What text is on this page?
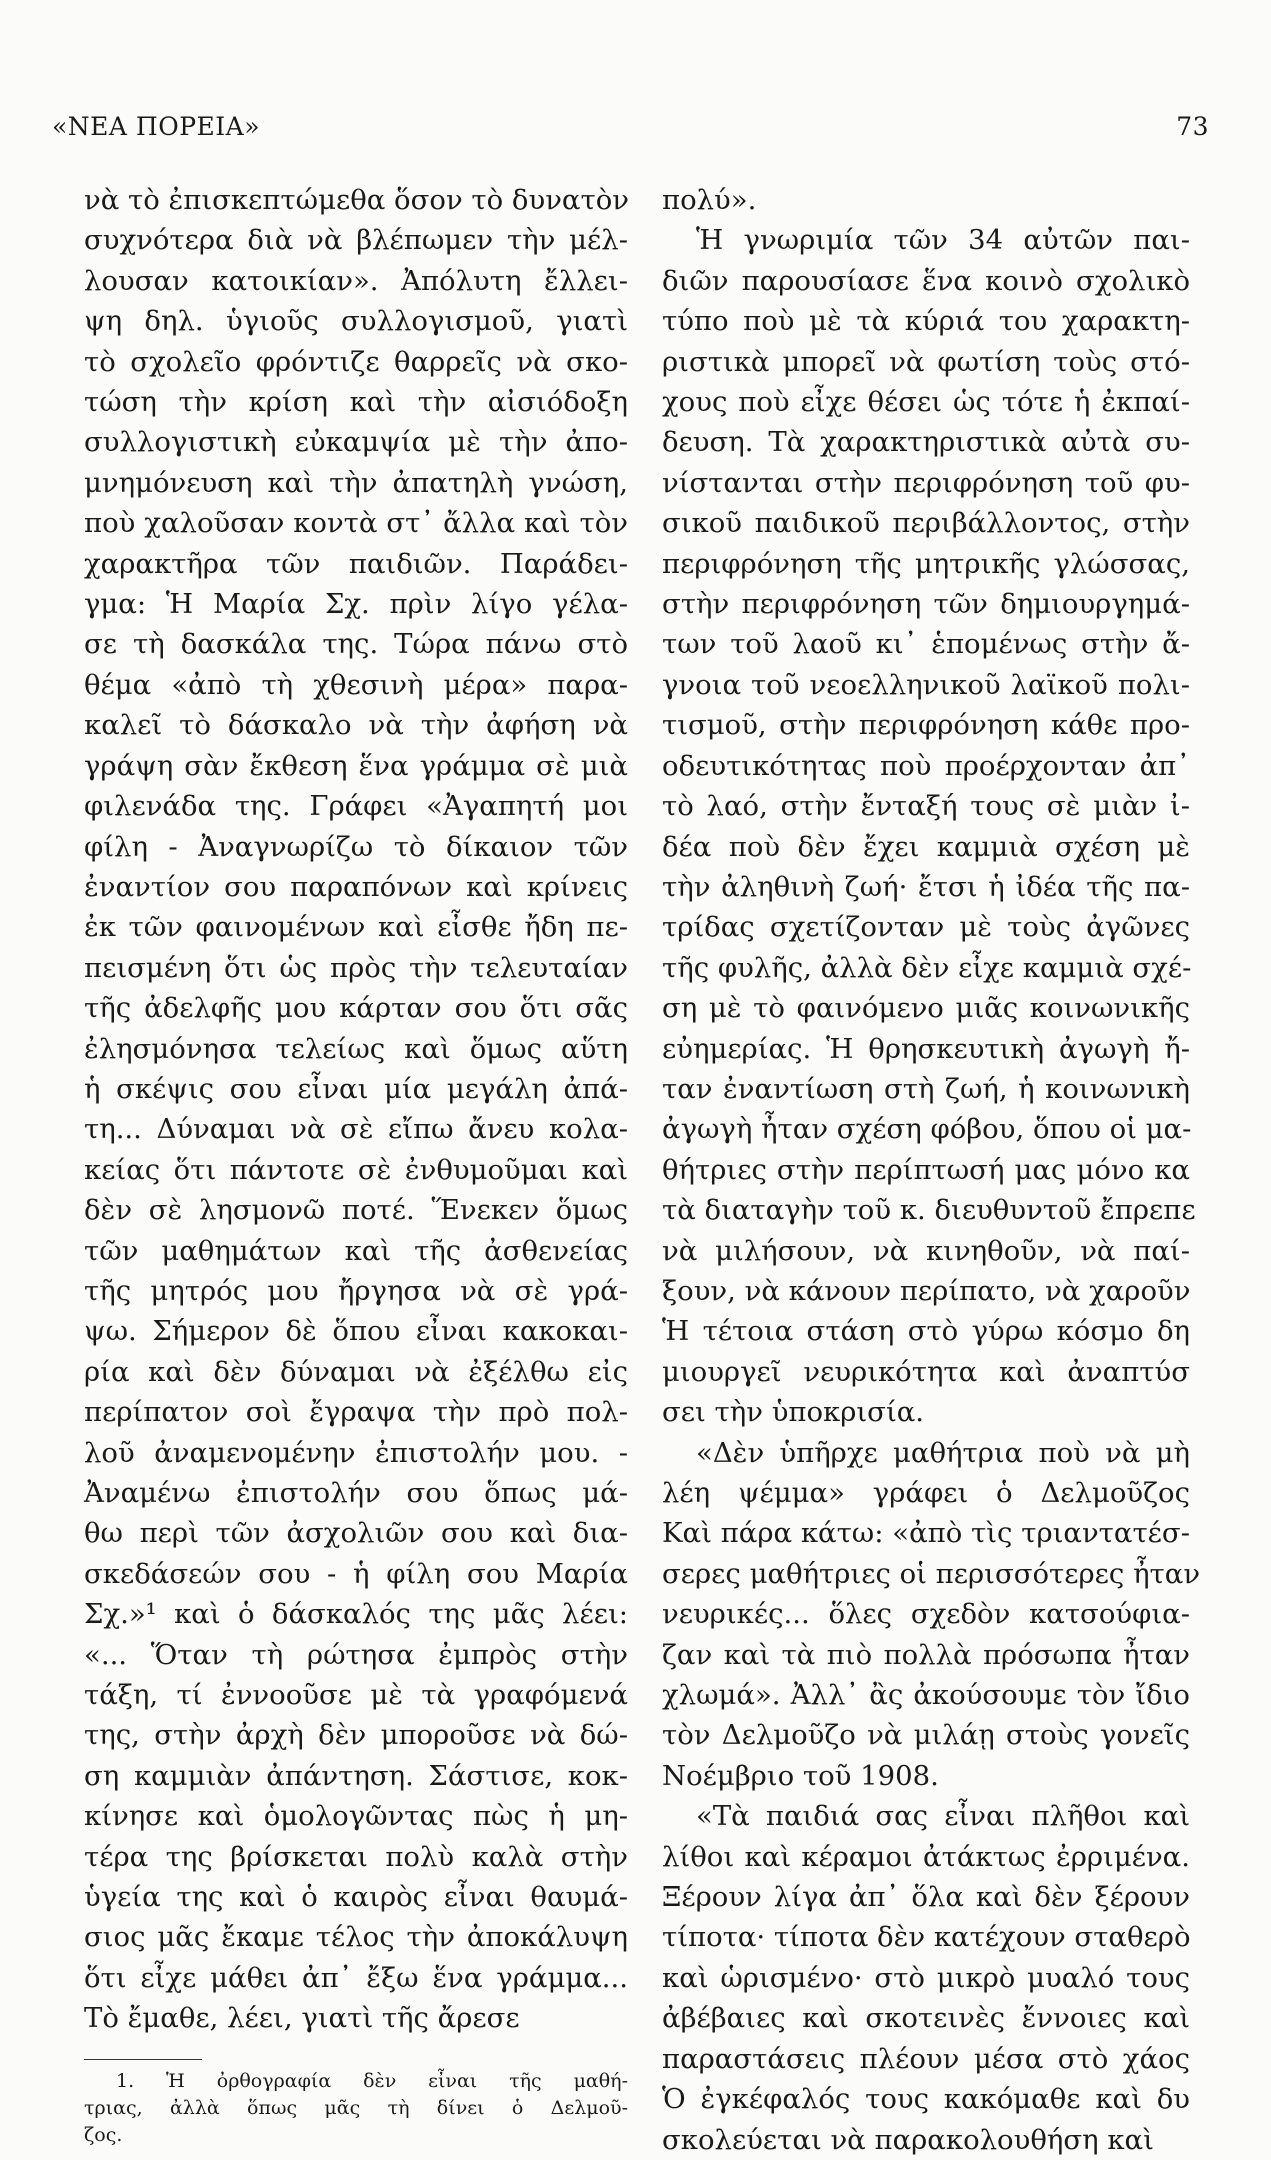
«ΝΕΑ ΠΟΡΕΙΑ»	73

νὰ τὸ ἐπισκεπτώμεθα ὅσον τὸ δυνατὸν

συχνότερα διὰ νὰ βλέπωμεν τὴν μέλ-

λουσαν κατοικίαν». Ἀπόλυτη ἔλλει-

ψη δηλ. ὑγιοῦς συλλογισμοῦ, γιατὶ

τὸ σχολεῖο φρόντιζε θαρρεῖς νὰ σκο-

τώση τὴν κρίση καὶ τὴν αἰσιόδοξη

συλλογιστικὴ εὐκαμψία μὲ τὴν ἀπο-

μνημόνευση καὶ τὴν ἀπατηλὴ γνώση,

ποὺ χαλοῦσαν κοντὰ στ᾿ ἄλλα καὶ τὸν

χαρακτῆρα τῶν παιδιῶν. Παράδει-

γμα: Ἡ Μαρία Σχ. πρὶν λίγο γέλα-

σε τὴ δασκάλα της. Τώρα πάνω στὸ

θέμα «ἀπὸ τὴ χθεσινὴ μέρα» παρα-

καλεῖ τὸ δάσκαλο νὰ τὴν ἀφήση νὰ

γράψη σὰν ἔκθεση ἕνα γράμμα σὲ μιὰ

φιλενάδα της. Γράφει «Ἀγαπητή μοι

φίλη - Ἀναγνωρίζω τὸ δίκαιον τῶν

ἐναντίον σου παραπόνων καὶ κρίνεις

ἐκ τῶν φαινομένων καὶ εἶσθε ἤδη πε-

πεισμένη ὅτι ὡς πρὸς τὴν τελευταίαν

τῆς ἀδελφῆς μου κάρταν σου ὅτι σᾶς

ἐλησμόνησα τελείως καὶ ὅμως αὕτη

ἡ σκέψις σου εἶναι μία μεγάλη ἀπά-

τη... Δύναμαι νὰ σὲ εἴπω ἄνευ κολα-

κείας ὅτι πάντοτε σὲ ἐνθυμοῦμαι καὶ

δὲν σὲ λησμονῶ ποτέ. Ἕνεκεν ὅμως

τῶν μαθημάτων καὶ τῆς ἀσθενείας

τῆς μητρός μου ἤργησα νὰ σὲ γρά-

ψω. Σήμερον δὲ ὅπου εἶναι κακοκαι-

ρία καὶ δὲν δύναμαι νὰ ἐξέλθω εἰς

περίπατον σοὶ ἔγραψα τὴν πρὸ πολ-

λοῦ ἀναμενομένην ἐπιστολήν μου. -

Ἀναμένω ἐπιστολήν σου ὅπως μά-

θω περὶ τῶν ἀσχολιῶν σου καὶ δια-

σκεδάσεών σου - ἡ φίλη σου Μαρία

Σχ.»¹ καὶ ὁ δάσκαλός της μᾶς λέει:

«... Ὅταν τὴ ρώτησα ἐμπρὸς στὴν

τάξη, τί ἐννοοῦσε μὲ τὰ γραφόμενά

της, στὴν ἀρχὴ δὲν μποροῦσε νὰ δώ-

ση καμμιὰν ἀπάντηση. Σάστισε, κοκ-

κίνησε καὶ ὁμολογῶντας πὼς ἡ μη-

τέρα της βρίσκεται πολὺ καλὰ στὴν

ὑγεία της καὶ ὁ καιρὸς εἶναι θαυμά-

σιος μᾶς ἔκαμε τέλος τὴν ἀποκάλυψη

ὅτι εἶχε μάθει ἀπ᾿ ἔξω ἕνα γράμμα...

Τὸ ἔμαθε, λέει, γιατὶ τῆς ἄρεσε

1. Ἡ ὀρθογραφία δὲν εἶναι τῆς μαθή-

τριας, ἀλλὰ ὅπως μᾶς τὴ δίνει ὁ Δελμοῦ-

ζος.

πολύ».

Ἡ γνωριμία τῶν 34 αὐτῶν παι-

διῶν παρουσίασε ἕνα κοινὸ σχολικὸ

τύπο ποὺ μὲ τὰ κύριά του χαρακτη-

ριστικὰ μπορεῖ νὰ φωτίση τοὺς στό-

χους ποὺ εἶχε θέσει ὡς τότε ἡ ἐκπαί-

δευση. Τὰ χαρακτηριστικὰ αὐτὰ συ-

νίστανται στὴν περιφρόνηση τοῦ φυ-

σικοῦ παιδικοῦ περιβάλλοντος, στὴν

περιφρόνηση τῆς μητρικῆς γλώσσας,

στὴν περιφρόνηση τῶν δημιουργημά-

των τοῦ λαοῦ κι᾿ ἑπομένως στὴν ἄ-

γνοια τοῦ νεοελληνικοῦ λαϊκοῦ πολι-

τισμοῦ, στὴν περιφρόνηση κάθε προ-

οδευτικότητας ποὺ προέρχονταν ἀπ᾿

τὸ λαό, στὴν ἔνταξή τους σὲ μιὰν ἰ-

δέα ποὺ δὲν ἔχει καμμιὰ σχέση μὲ

τὴν ἀληθινὴ ζωή· ἔτσι ἡ ἰδέα τῆς πα-

τρίδας σχετίζονταν μὲ τοὺς ἀγῶνες

τῆς φυλῆς, ἀλλὰ δὲν εἶχε καμμιὰ σχέ-

ση μὲ τὸ φαινόμενο μιᾶς κοινωνικῆς

εὐημερίας. Ἡ θρησκευτικὴ ἀγωγὴ ἤ-

ταν ἐναντίωση στὴ ζωή, ἡ κοινωνικὴ

ἀγωγὴ ἦταν σχέση φόβου, ὅπου οἱ μα-

θήτριες στὴν περίπτωσή μας μόνο κα

τὰ διαταγὴν τοῦ κ. διευθυντοῦ ἔπρεπε

νὰ μιλήσουν, νὰ κινηθοῦν, νὰ παί-

ξουν, νὰ κάνουν περίπατο, νὰ χαροῦν

Ἡ τέτοια στάση στὸ γύρω κόσμο δη

μιουργεῖ νευρικότητα καὶ ἀναπτύσ

σει τὴν ὑποκρισία.

«Δὲν ὑπῆρχε μαθήτρια ποὺ νὰ μὴ

λέη ψέμμα» γράφει ὁ Δελμοῦζος

Καὶ πάρα κάτω: «ἀπὸ τὶς τριαντατέσ-

σερες μαθήτριες οἱ περισσότερες ἦταν

νευρικές... ὅλες σχεδὸν κατσούφια-

ζαν καὶ τὰ πιὸ πολλὰ πρόσωπα ἦταν

χλωμά». Ἀλλ᾿ ἂς ἀκούσουμε τὸν ἴδιο

τὸν Δελμοῦζο νὰ μιλάῃ στοὺς γονεῖς

Νοέμβριο τοῦ 1908.

«Τὰ παιδιά σας εἶναι πλῆθοι καὶ

λίθοι καὶ κέραμοι ἀτάκτως ἐρριμένα.

Ξέρουν λίγα ἀπ᾿ ὅλα καὶ δὲν ξέρουν

τίποτα· τίποτα δὲν κατέχουν σταθερὸ

καὶ ὡρισμένο· στὸ μικρὸ μυαλό τους

ἀβέβαιες καὶ σκοτεινὲς ἔννοιες καὶ

παραστάσεις πλέουν μέσα στὸ χάος

Ὁ ἐγκέφαλός τους κακόμαθε καὶ δυ

σκολεύεται νὰ παρακολουθήση καὶ
